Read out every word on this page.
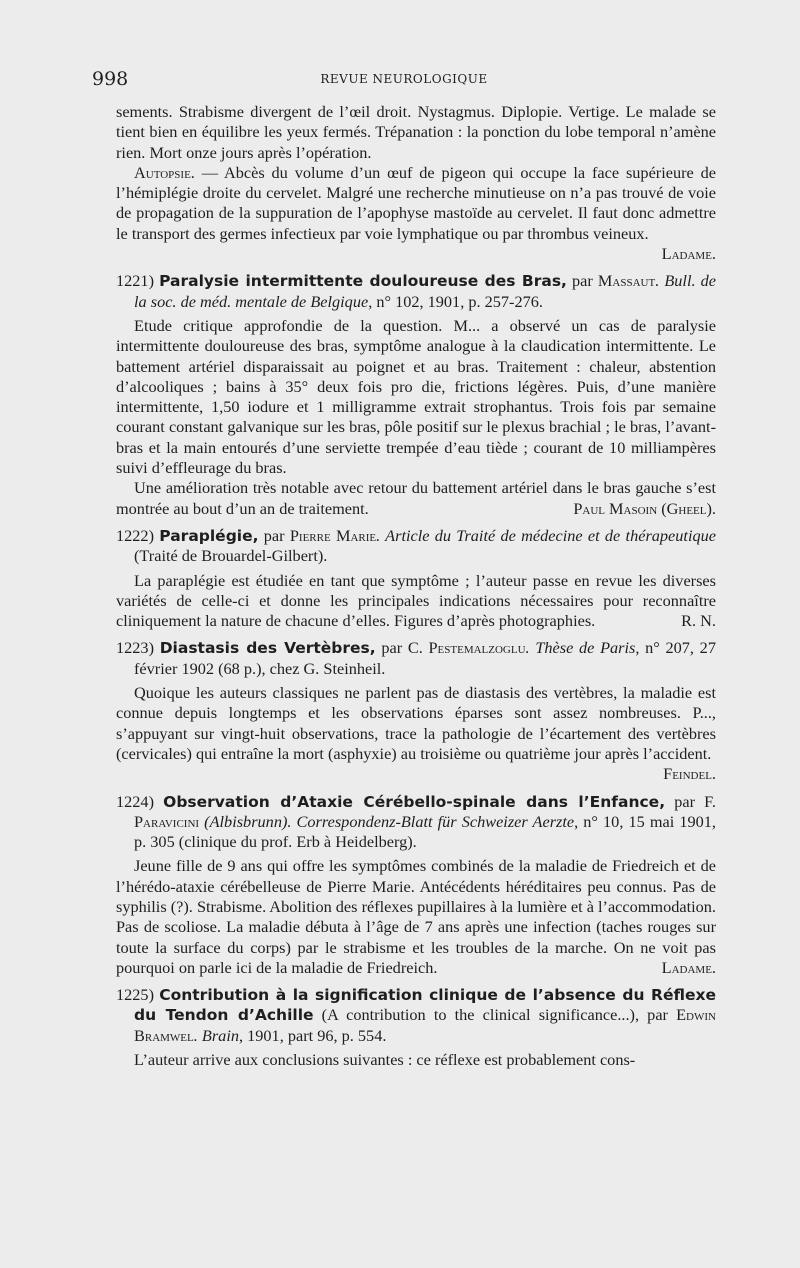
998	REVUE NEUROLOGIQUE

sements. Strabisme divergent de l’œil droit. Nystagmus. Diplopie. Vertige. Le malade se tient bien en équilibre les yeux fermés. Trépanation : la ponction du lobe temporal n’amène rien. Mort onze jours après l’opération.

Autopsie. — Abcès du volume d’un œuf de pigeon qui occupe la face supérieure de l’hémiplégie droite du cervelet. Malgré une recherche minutieuse on n’a pas trouvé de voie de propagation de la suppuration de l’apophyse mastoïde au cervelet. Il faut donc admettre le transport des germes infectieux par voie lymphatique ou par thrombus veineux.
Ladame.

1221) Paralysie intermittente douloureuse des Bras, par Massaut. Bull. de la soc. de méd. mentale de Belgique, n° 102, 1901, p. 257-276.

Etude critique approfondie de la question. M... a observé un cas de paralysie intermittente douloureuse des bras, symptôme analogue à la claudication intermittente. Le battement artériel disparaissait au poignet et au bras. Traitement : chaleur, abstention d’alcooliques ; bains à 35° deux fois pro die, frictions légères. Puis, d’une manière intermittente, 1,50 iodure et 1 milligramme extrait strophantus. Trois fois par semaine courant constant galvanique sur les bras, pôle positif sur le plexus brachial ; le bras, l’avant-bras et la main entourés d’une serviette trempée d’eau tiède ; courant de 10 milliampères suivi d’effleurage du bras.

Une amélioration très notable avec retour du battement artériel dans le bras gauche s’est montrée au bout d’un an de traitement.	Paul Masoin (Gheel).

1222) Paraplégie, par Pierre Marie. Article du Traité de médecine et de thérapeutique (Traité de Brouardel-Gilbert).

La paraplégie est étudiée en tant que symptôme ; l’auteur passe en revue les diverses variétés de celle-ci et donne les principales indications nécessaires pour reconnaître cliniquement la nature de chacune d’elles. Figures d’après photographies.	R. N.

1223) Diastasis des Vertèbres, par C. Pestemalzoglu. Thèse de Paris, n° 207, 27 février 1902 (68 p.), chez G. Steinheil.

Quoique les auteurs classiques ne parlent pas de diastasis des vertèbres, la maladie est connue depuis longtemps et les observations éparses sont assez nombreuses. P..., s’appuyant sur vingt-huit observations, trace la pathologie de l’écartement des vertèbres (cervicales) qui entraîne la mort (asphyxie) au troisième ou quatrième jour après l’accident.
Feindel.

1224) Observation d’Ataxie Cérébello-spinale dans l’Enfance, par F. Paravicini (Albisbrunn). Correspondenz-Blatt für Schweizer Aerzte, n° 10, 15 mai 1901, p. 305 (clinique du prof. Erb à Heidelberg).

Jeune fille de 9 ans qui offre les symptômes combinés de la maladie de Friedreich et de l’hérédo-ataxie cérébelleuse de Pierre Marie. Antécédents héréditaires peu connus. Pas de syphilis (?). Strabisme. Abolition des réflexes pupillaires à la lumière et à l’accommodation. Pas de scoliose. La maladie débuta à l’âge de 7 ans après une infection (taches rouges sur toute la surface du corps) par le strabisme et les troubles de la marche. On ne voit pas pourquoi on parle ici de la maladie de Friedreich.	Ladame.

1225) Contribution à la signification clinique de l’absence du Réflexe du Tendon d’Achille (A contribution to the clinical significance...), par Edwin Bramwel. Brain, 1901, part 96, p. 554.

L’auteur arrive aux conclusions suivantes : ce réflexe est probablement cons-
